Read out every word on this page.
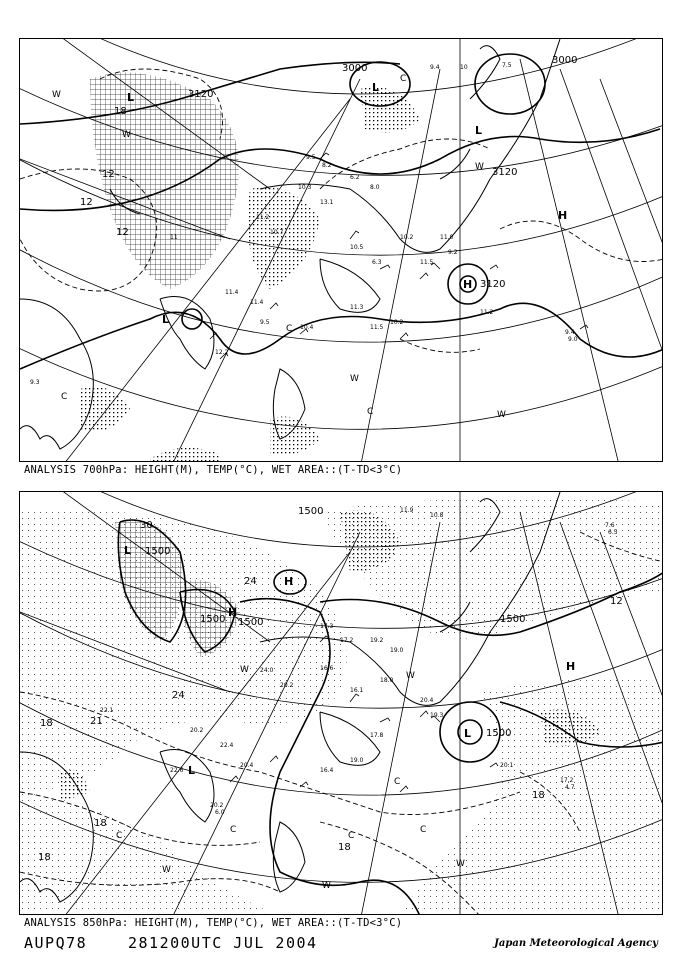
9.5
8.2
6.2
8.0
10.3
13.1
11.2
10.7
10.5
6.3
10.2
11.5
11.0
9.2
11.4
11.4
9.5
10.4
11.3
11.5
10.2
11.2
9.4
9.0
9.3
12.2
10	7.5
9.4
11
3000
3120
3120
3000
3120
12
12
12
18
L
L
L
H
H
L
W
W
W
W
W
C
C
C
C
ANALYSIS 700hPa: HEIGHT(M), TEMP(°C), WET AREA::(T-TD<3°C)
17.3
17.2	19.2
19.0
24.0
20.2
16.6
16.1
18.0
20.4
19.3
20.2
22.4
20.4
16.4
19.0
17.8
20.1
17.2
4.7
20.2
6.0
22.6
22.1
11.9
10.8
7.6
6.5
1500
1500
1500	1500
1500
1500
30
24
24
18
18
18
18
18
12
21
L
H
H
L
H
L
W
W
W
W
W
C
C
C
C
C
ANALYSIS 850hPa: HEIGHT(M), TEMP(°C), WET AREA::(T-TD<3°C)
AUPQ78	281200UTC JUL 2004	Japan Meteorological Agency
